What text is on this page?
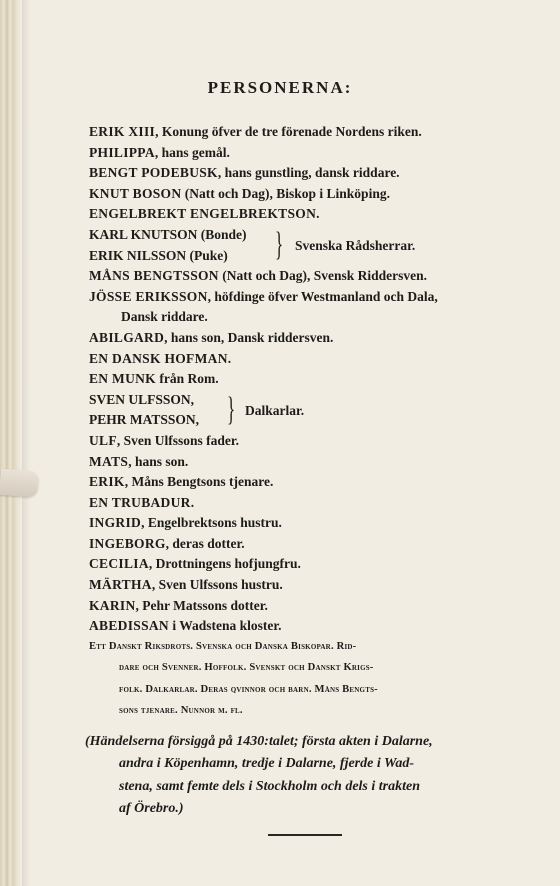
PERSONERNA:
ERIK XIII, Konung öfver de tre förenade Nordens riken.
PHILIPPA, hans gemål.
BENGT PODEBUSK, hans gunstling, dansk riddare.
KNUT BOSON (Natt och Dag), Biskop i Linköping.
ENGELBREKT ENGELBREKTSON.
KARL KNUTSON (Bonde)
ERIK NILSSON (Puke)	} Svenska Rådsherrar.
MÅNS BENGTSSON (Natt och Dag), Svensk Riddersven.
JÖSSE ERIKSSON, höfdinge öfver Westmanland och Dala,
Dansk riddare.
ABILGARD, hans son, Dansk riddersven.
EN DANSK HOFMAN.
EN MUNK från Rom.
SVEN ULFSSON,
PEHR MATSSON, } Dalkarlar.
ULF, Sven Ulfssons fader.
MATS, hans son.
ERIK, Måns Bengtsons tjenare.
EN TRUBADUR.
INGRID, Engelbrektsons hustru.
INGEBORG, deras dotter.
CECILIA, Drottningens hofjungfru.
MÄRTHA, Sven Ulfssons hustru.
KARIN, Pehr Matssons dotter.
ABEDISSAN i Wadstena kloster.
Ett Danskt Riksdrots. Svenska och Danska Biskopar. Rid-
dare och Svenner. Hoffolk. Svenskt och Danskt Krigs-
folk. Dalkarlar. Deras qvinnor och barn. Måns Bengts-
sons tjenare. Nunnor m. fl.
(Händelserna försiggå på 1430:talet; första akten i Dalarne,
andra i Köpenhamn, tredje i Dalarne, fjerde i Wad-
stena, samt femte dels i Stockholm och dels i trakten
af Örebro.)
